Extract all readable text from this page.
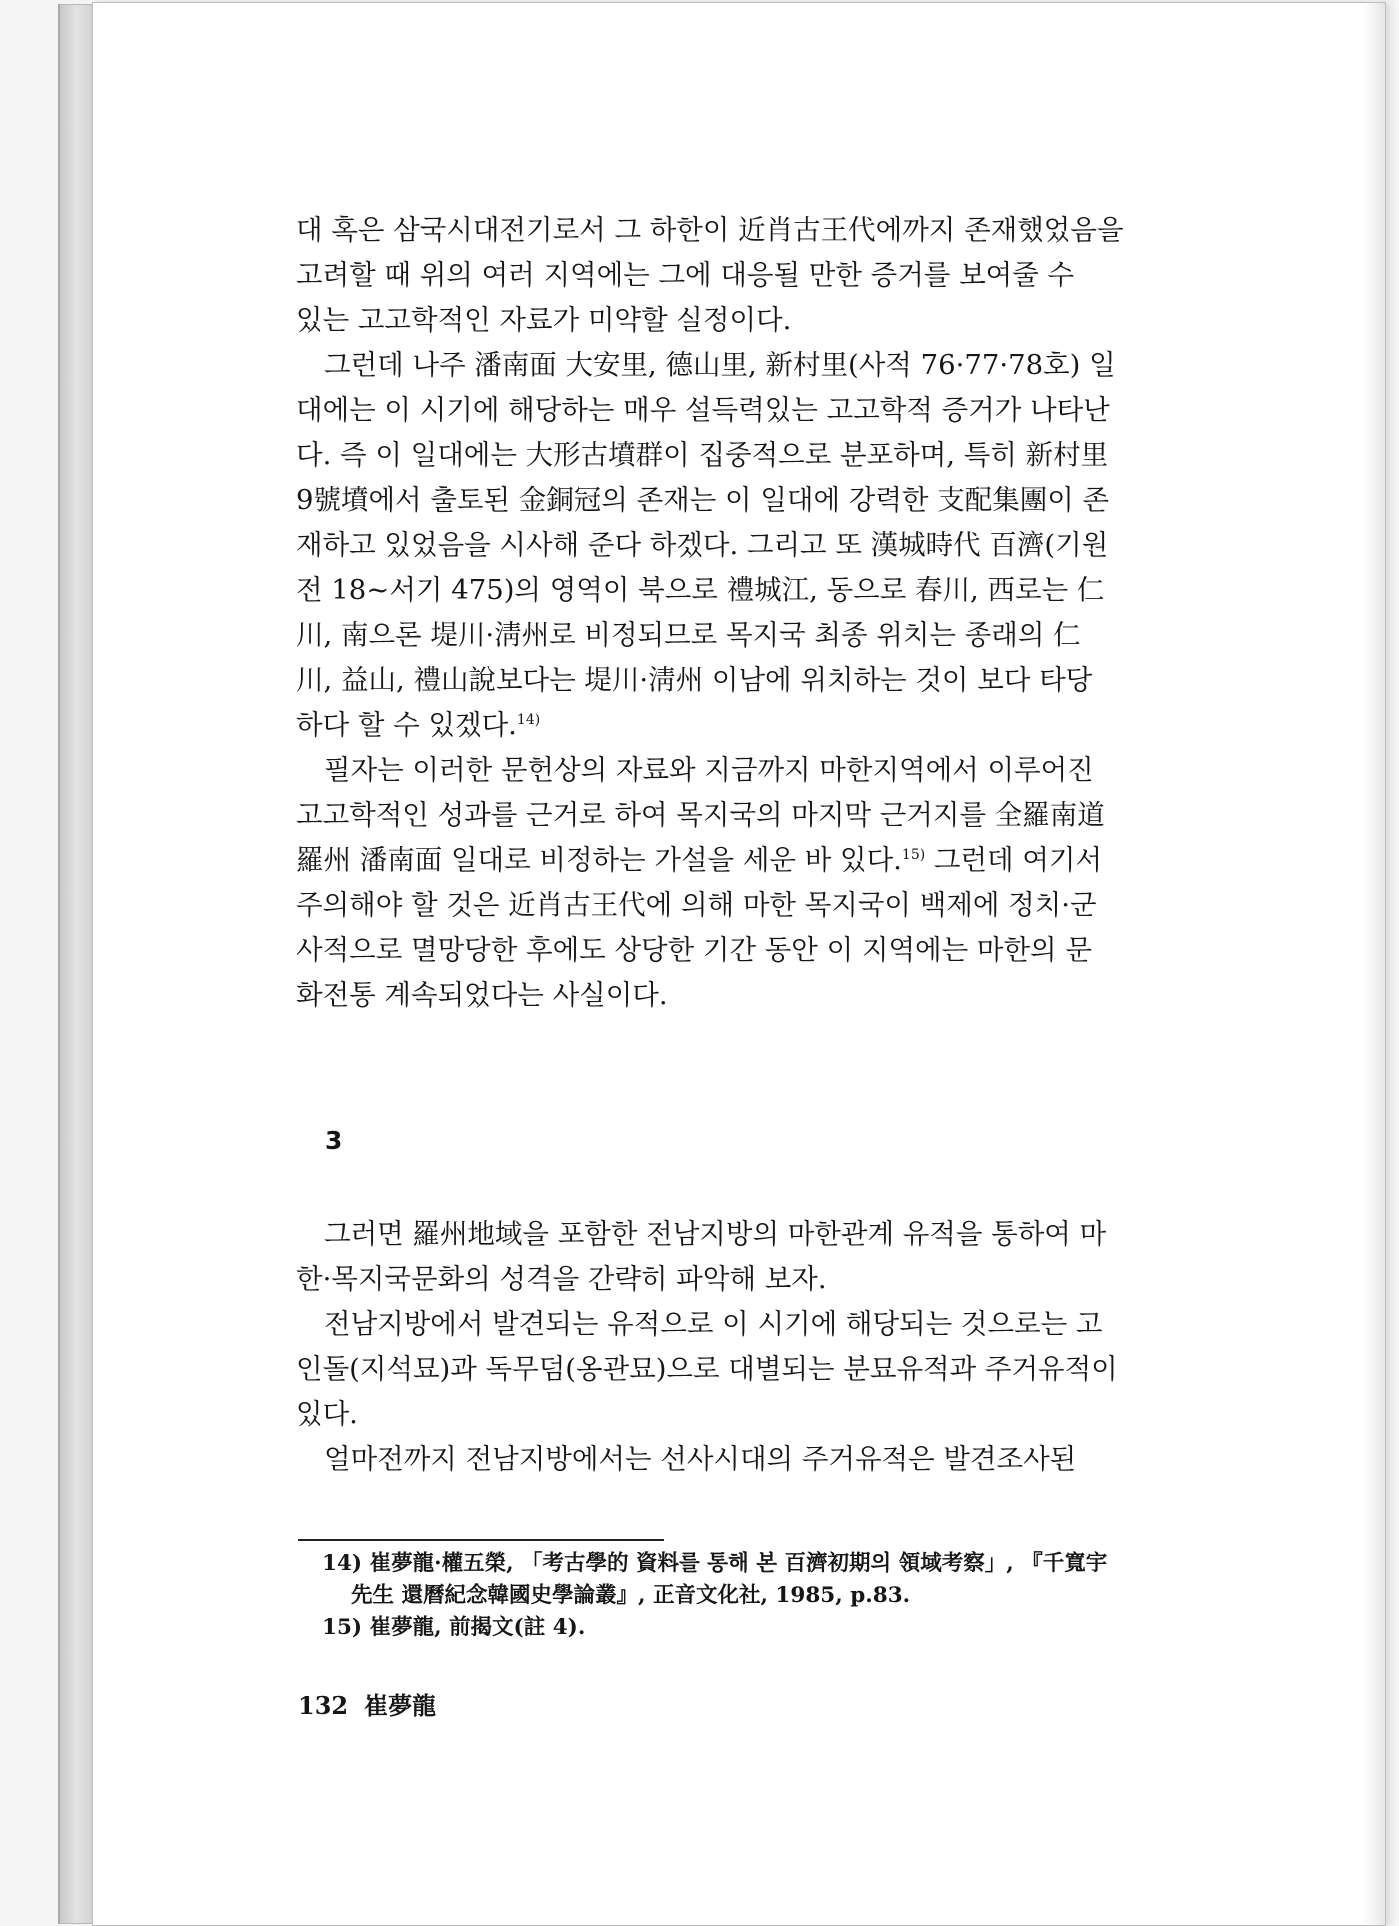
대 혹은 삼국시대전기로서 그 하한이 近肖古王代에까지 존재했었음을
고려할 때 위의 여러 지역에는 그에 대응될 만한 증거를 보여줄 수
있는 고고학적인 자료가 미약할 실정이다.

그런데 나주 潘南面 大安里, 德山里, 新村里(사적 76·77·78호) 일
대에는 이 시기에 해당하는 매우 설득력있는 고고학적 증거가 나타난
다. 즉 이 일대에는 大形古墳群이 집중적으로 분포하며, 특히 新村里
9號墳에서 출토된 金銅冠의 존재는 이 일대에 강력한 支配集團이 존
재하고 있었음을 시사해 준다 하겠다. 그리고 또 漢城時代 百濟(기원
전 18~서기 475)의 영역이 북으로 禮城江, 동으로 春川, 西로는 仁
川, 南으론 堤川·淸州로 비정되므로 목지국 최종 위치는 종래의 仁
川, 益山, 禮山說보다는 堤川·淸州 이남에 위치하는 것이 보다 타당
하다 할 수 있겠다.$^{14)}$

필자는 이러한 문헌상의 자료와 지금까지 마한지역에서 이루어진
고고학적인 성과를 근거로 하여 목지국의 마지막 근거지를 全羅南道
羅州 潘南面 일대로 비정하는 가설을 세운 바 있다.$^{15)}$ 그런데 여기서
주의해야 할 것은 近肖古王代에 의해 마한 목지국이 백제에 정치·군
사적으로 멸망당한 후에도 상당한 기간 동안 이 지역에는 마한의 문
화전통 계속되었다는 사실이다.

3

그러면 羅州地域을 포함한 전남지방의 마한관계 유적을 통하여 마
한·목지국문화의 성격을 간략히 파악해 보자.

전남지방에서 발견되는 유적으로 이 시기에 해당되는 것으로는 고
인돌(지석묘)과 독무덤(옹관묘)으로 대별되는 분묘유적과 주거유적이
있다.

얼마전까지 전남지방에서는 선사시대의 주거유적은 발견조사된

14) 崔夢龍·權五榮, 「考古學的 資料를 통해 본 百濟初期의 領域考察」, 『千寬宇
先生 還曆紀念韓國史學論叢』, 正音文化社, 1985, p.83.
15) 崔夢龍, 前揭文(註 4).
132 崔夢龍
